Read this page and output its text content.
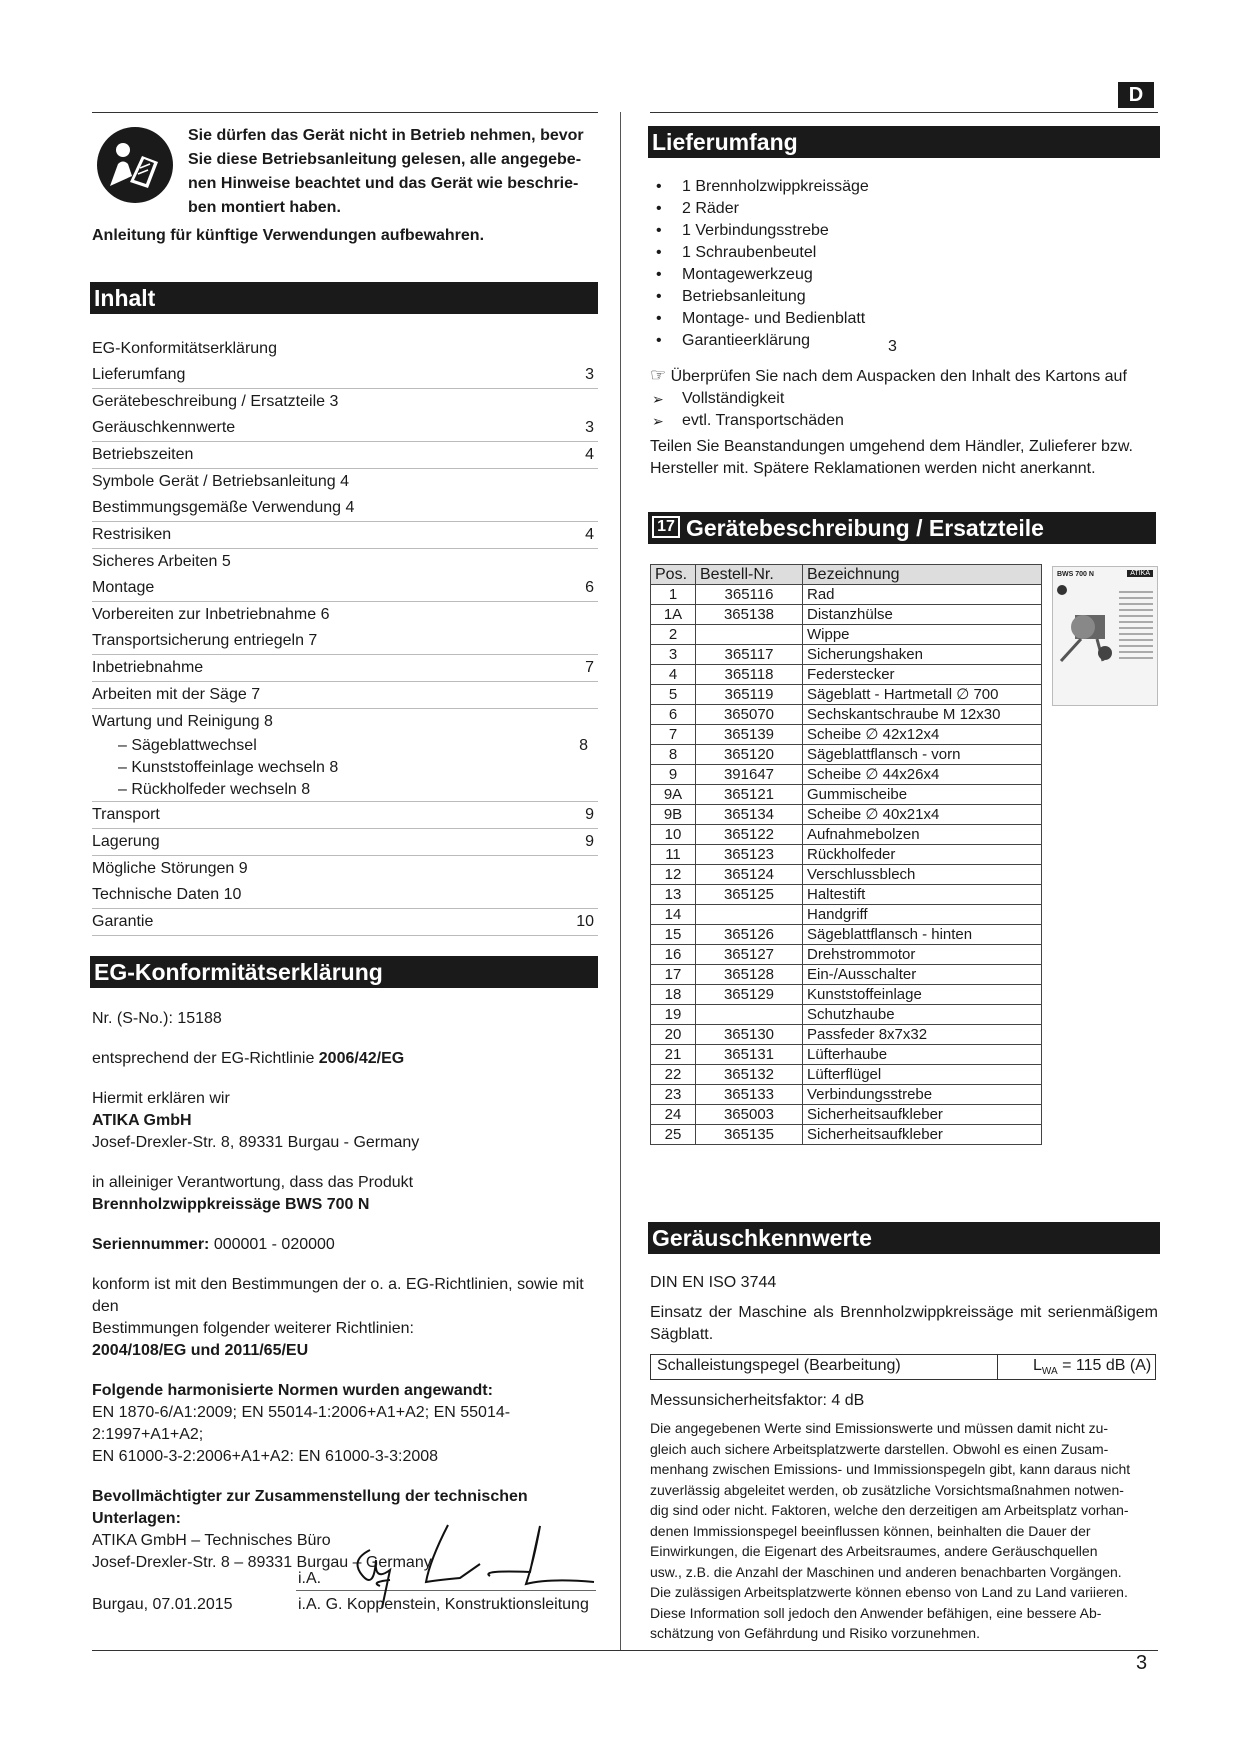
D
Sie dürfen das Gerät nicht in Betrieb nehmen, bevor
Sie diese Betriebsanleitung gelesen, alle angegebe-
nen Hinweise beachtet und das Gerät wie beschrie-
ben montiert haben.
Anleitung für künftige Verwendungen aufbewahren.
Inhalt
EG-Konformitätserklärung
Lieferumfang	3
Gerätebeschreibung / Ersatzteile 3
Geräuschkennwerte	3
Betriebszeiten	4
Symbole Gerät / Betriebsanleitung 4
Bestimmungsgemäße Verwendung 4
Restrisiken	4
Sicheres Arbeiten 5
Montage	6
Vorbereiten zur Inbetriebnahme 6
Transportsicherung entriegeln 7
Inbetriebnahme	7
Arbeiten mit der Säge 7
Wartung und Reinigung 8
– Sägeblattwechsel	8
– Kunststoffeinlage wechseln 8
– Rückholfeder wechseln 8
Transport	9
Lagerung	9
Mögliche Störungen 9
Technische Daten 10
Garantie	10
EG-Konformitätserklärung
Nr. (S-No.): 15188
entsprechend der EG-Richtlinie 2006/42/EG
Hiermit erklären wir
ATIKA GmbH
Josef-Drexler-Str. 8, 89331 Burgau - Germany
in alleiniger Verantwortung, dass das Produkt
Brennholzwippkreissäge BWS 700 N
Seriennummer: 000001 - 020000
konform ist mit den Bestimmungen der o. a. EG-Richtlinien, sowie mit den
Bestimmungen folgender weiterer Richtlinien:
2004/108/EG und 2011/65/EU
Folgende harmonisierte Normen wurden angewandt:
EN 1870-6/A1:2009; EN 55014-1:2006+A1+A2; EN 55014-2:1997+A1+A2;
EN 61000-3-2:2006+A1+A2: EN 61000-3-3:2008
Bevollmächtigter zur Zusammenstellung der technischen Unterlagen:
ATIKA GmbH – Technisches Büro
Josef-Drexler-Str. 8 – 89331 Burgau – Germany
i.A.
Burgau, 07.01.2015	i.A. G. Koppenstein, Konstruktionsleitung
Lieferumfang
• 1 Brennholzwippkreissäge
• 2 Räder
• 1 Verbindungsstrebe
• 1 Schraubenbeutel
• Montagewerkzeug
• Betriebsanleitung
• Montage- und Bedienblatt
• Garantieerklärung	3
☞ Überprüfen Sie nach dem Auspacken den Inhalt des Kartons auf
➢ Vollständigkeit
➢ evtl. Transportschäden
Teilen Sie Beanstandungen umgehend dem Händler, Zulieferer bzw.
Hersteller mit. Spätere Reklamationen werden nicht anerkannt.
17 Gerätebeschreibung / Ersatzteile
Pos.	Bestell-Nr.	Bezeichnung
1	365116	Rad
1A	365138	Distanzhülse
2		Wippe
3	365117	Sicherungshaken
4	365118	Federstecker
5	365119	Sägeblatt - Hartmetall ∅ 700
6	365070	Sechskantschraube M 12x30
7	365139	Scheibe ∅ 42x12x4
8	365120	Sägeblattflansch - vorn
9	391647	Scheibe ∅ 44x26x4
9A	365121	Gummischeibe
9B	365134	Scheibe ∅ 40x21x4
10	365122	Aufnahmebolzen
11	365123	Rückholfeder
12	365124	Verschlussblech
13	365125	Haltestift
14		Handgriff
15	365126	Sägeblattflansch - hinten
16	365127	Drehstrommotor
17	365128	Ein-/Ausschalter
18	365129	Kunststoffeinlage
19		Schutzhaube
20	365130	Passfeder 8x7x32
21	365131	Lüfterhaube
22	365132	Lüfterflügel
23	365133	Verbindungsstrebe
24	365003	Sicherheitsaufkleber
25	365135	Sicherheitsaufkleber
BWS 700 N	ATIKA
Geräuschkennwerte
DIN EN ISO 3744
Einsatz der Maschine als Brennholzwippkreissäge mit serienmäßigem
Sägblatt.
Schalleistungspegel (Bearbeitung)	$L_{WA} = 115$ dB (A)
Messunsicherheitsfaktor: 4 dB
Die angegebenen Werte sind Emissionswerte und müssen damit nicht zu-
gleich auch sichere Arbeitsplatzwerte darstellen. Obwohl es einen Zusam-
menhang zwischen Emissions- und Immissionspegeln gibt, kann daraus nicht
zuverlässig abgeleitet werden, ob zusätzliche Vorsichtsmaßnahmen notwen-
dig sind oder nicht. Faktoren, welche den derzeitigen am Arbeitsplatz vorhan-
denen Immissionspegel beeinflussen können, beinhalten die Dauer der
Einwirkungen, die Eigenart des Arbeitsraumes, andere Geräuschquellen
usw., z.B. die Anzahl der Maschinen und anderen benachbarten Vorgängen.
Die zulässigen Arbeitsplatzwerte können ebenso von Land zu Land variieren.
Diese Information soll jedoch den Anwender befähigen, eine bessere Ab-
schätzung von Gefährdung und Risiko vorzunehmen.
3
